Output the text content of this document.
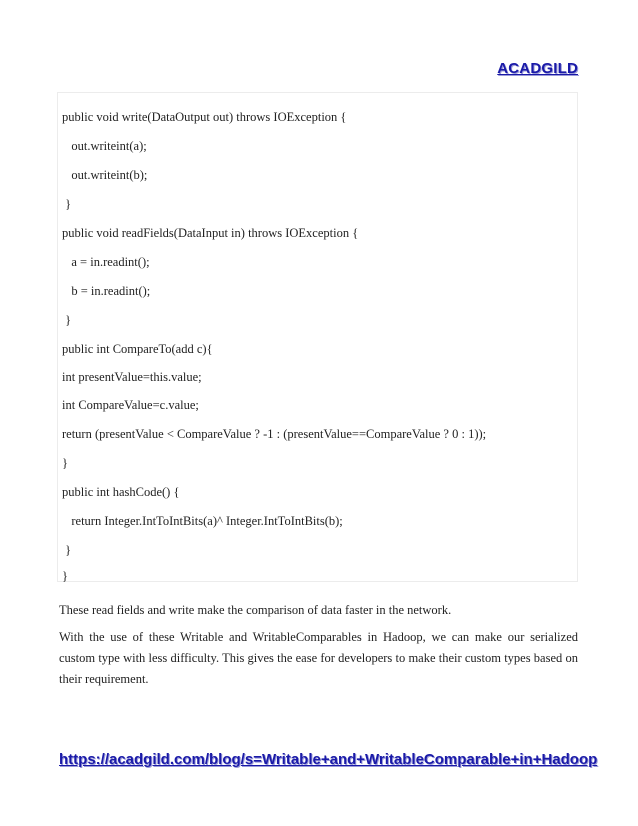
ACADGILD
public void write(DataOutput out) throws IOException {
out.writeint(a);
out.writeint(b);
}
public void readFields(DataInput in) throws IOException {
a = in.readint();
b = in.readint();
}
public int CompareTo(add c){
int presentValue=this.value;
int CompareValue=c.value;
return (presentValue < CompareValue ? -1 : (presentValue==CompareValue ? 0 : 1));
}
public int hashCode() {
return Integer.IntToIntBits(a)^ Integer.IntToIntBits(b);
}
}

These read fields and write make the comparison of data faster in the network.

With the use of these Writable and WritableComparables in Hadoop, we can make our serialized custom type with less difficulty. This gives the ease for developers to make their custom types based on their requirement.

https://acadgild.com/blog/s=Writable+and+WritableComparable+in+Hadoop
